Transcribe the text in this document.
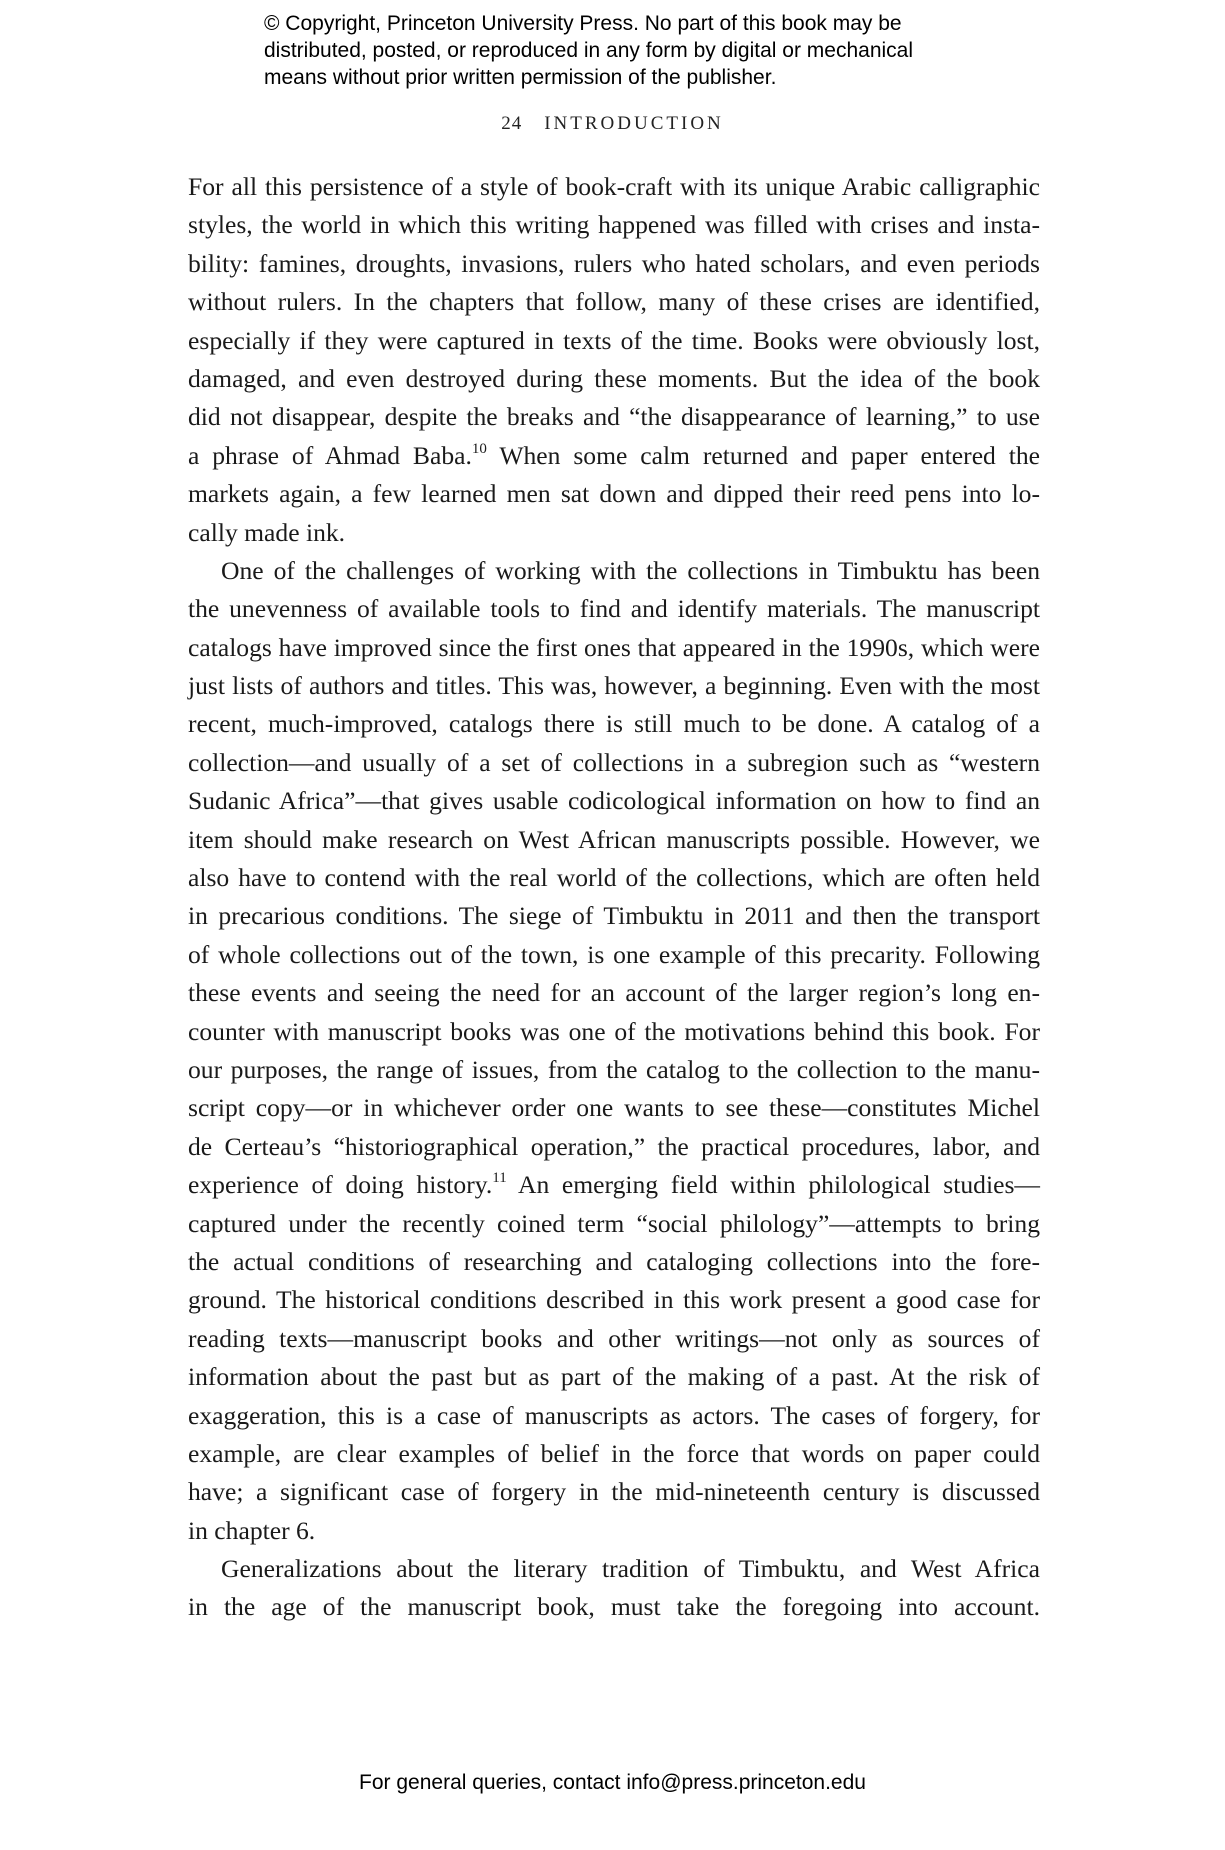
© Copyright, Princeton University Press. No part of this book may be
distributed, posted, or reproduced in any form by digital or mechanical
means without prior written permission of the publisher.
24 INTRODUCTION
For all this persistence of a style of book-craft with its unique Arabic calligraphic
styles, the world in which this writing happened was filled with crises and insta-
bility: famines, droughts, invasions, rulers who hated scholars, and even periods
without rulers. In the chapters that follow, many of these crises are identified,
especially if they were captured in texts of the time. Books were obviously lost,
damaged, and even destroyed during these moments. But the idea of the book
did not disappear, despite the breaks and “the disappearance of learning,” to use
a phrase of Ahmad Baba.$^{10}$ When some calm returned and paper entered the
markets again, a few learned men sat down and dipped their reed pens into lo-
cally made ink.
One of the challenges of working with the collections in Timbuktu has been
the unevenness of available tools to find and identify materials. The manuscript
catalogs have improved since the first ones that appeared in the 1990s, which were
just lists of authors and titles. This was, however, a beginning. Even with the most
recent, much-improved, catalogs there is still much to be done. A catalog of a
collection—and usually of a set of collections in a subregion such as “western
Sudanic Africa”—that gives usable codicological information on how to find an
item should make research on West African manuscripts possible. However, we
also have to contend with the real world of the collections, which are often held
in precarious conditions. The siege of Timbuktu in 2011 and then the transport
of whole collections out of the town, is one example of this precarity. Following
these events and seeing the need for an account of the larger region’s long en-
counter with manuscript books was one of the motivations behind this book. For
our purposes, the range of issues, from the catalog to the collection to the manu-
script copy—or in whichever order one wants to see these—constitutes Michel
de Certeau’s “historiographical operation,” the practical procedures, labor, and
experience of doing history.$^{11}$ An emerging field within philological studies—
captured under the recently coined term “social philology”—attempts to bring
the actual conditions of researching and cataloging collections into the fore-
ground. The historical conditions described in this work present a good case for
reading texts—manuscript books and other writings—not only as sources of
information about the past but as part of the making of a past. At the risk of
exaggeration, this is a case of manuscripts as actors. The cases of forgery, for
example, are clear examples of belief in the force that words on paper could
have; a significant case of forgery in the mid-nineteenth century is discussed
in chapter 6.
Generalizations about the literary tradition of Timbuktu, and West Africa
in the age of the manuscript book, must take the foregoing into account.
For general queries, contact info@press.princeton.edu
